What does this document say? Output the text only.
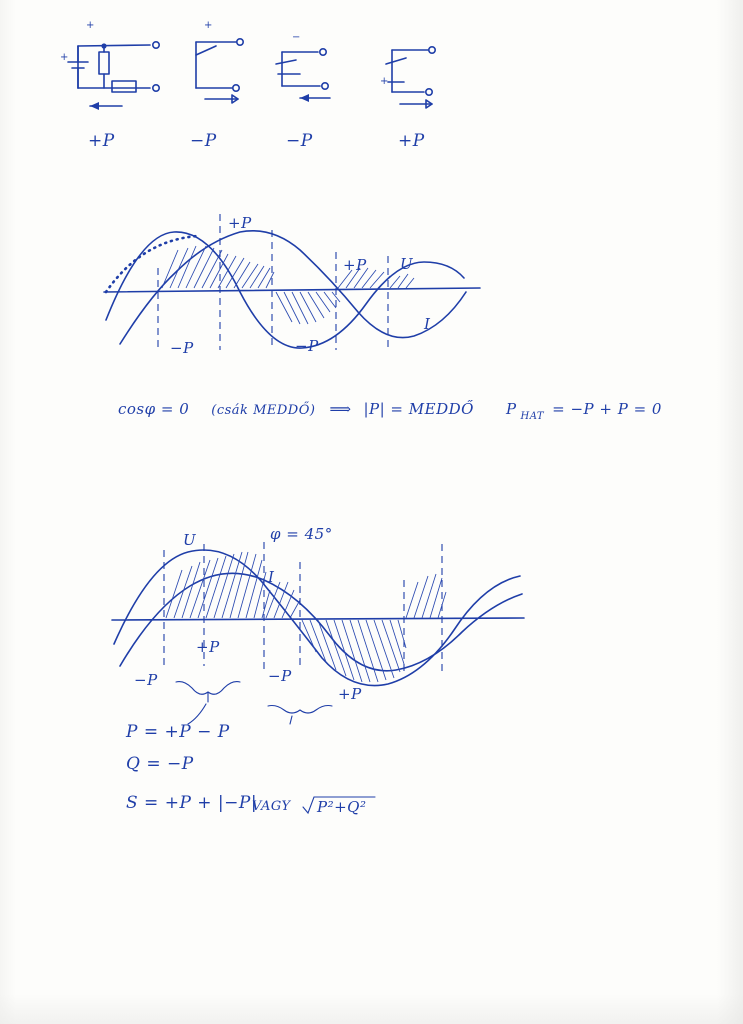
+
+
+
−
+
+P	−P	−P	+P
+P
+P
−P	−P
U
I
cosφ = 0 (csák MEDDŐ) ⟹ |P| = MEDDŐ P $_{HAT}$ = −P + P = 0
φ = 45°
U
I
−P
+P
−P
+P
P = +P − P
Q = −P
S = +P + |−P|
VAGY P²+Q²
